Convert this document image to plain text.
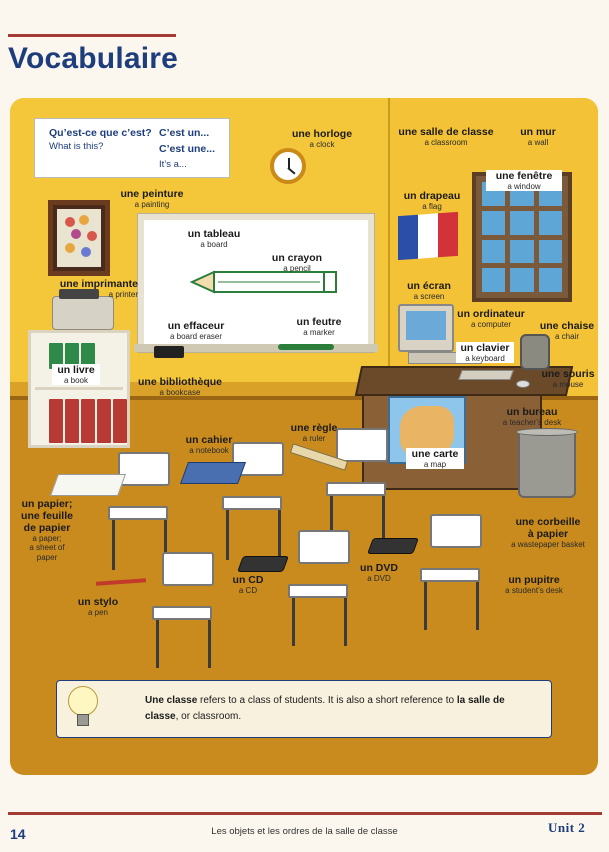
Vocabulaire
Qu’est-ce que c’est?
What is this?
C’est un...
C’est une...
It’s a...
une horloge
a clock
une salle de classe
a classroom
un mur
a wall
une peinture
a painting
une fenêtre
a window
un drapeau
a flag
un tableau
a board
un crayon
a pencil
une imprimante
a printer
un écran
a screen
un ordinateur
a computer	une chaise
a chair
un effaceur
a board eraser
un feutre
a marker
un clavier
a keyboard
un livre
a book	une bibliothèque
a bookcase
une souris
a mouse
un bureau
a teacher’s desk
une règle
a ruler
un cahier
a notebook	une carte
a map
un papier;
une feuille
de papier
a paper;
a sheet of
paper
une corbeille
à papier
a wastepaper basket
un CD
a CD
un DVD
a DVD	un pupitre
a student’s desk
un stylo
a pen
Une classe refers to a class of students. It is also a short reference to la salle de classe, or classroom.
14	Les objets et les ordres de la salle de classe	Unit 2
